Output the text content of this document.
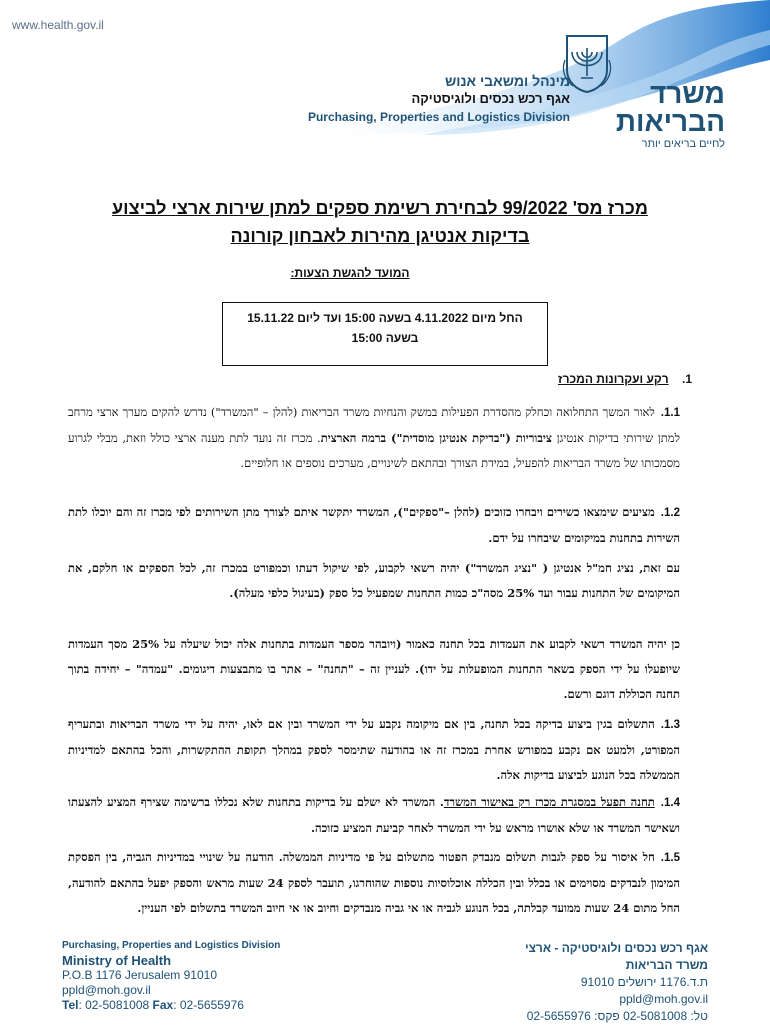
www.health.gov.il
משרד
הבריאות
לחיים בריאים יותר
מינהל ומשאבי אנוש
אגף רכש נכסים ולוגיסטיקה
Purchasing, Properties and Logistics Division
מכרז מס' 99/2022 לבחירת רשימת ספקים למתן שירות ארצי לביצוע
בדיקות אנטיגן מהירות לאבחון קורונה
המועד להגשת הצעות:
החל מיום 4.11.2022 בשעה 15:00 ועד ליום 15.11.22
בשעה 15:00
1. רקע ועקרונות המכרז
1.1.לאור המשך התחלואה וכחלק מהסדרת הפעילות במשק והנחיות משרד הבריאות (להלן – "המשרד") נדרש להקים מערך ארצי מרחב למתן שירותי בדיקות אנטיגן ציבוריות ("בדיקת אנטיגן מוסדית") ברמה הארצית. מכרז זה נועד לתת מענה ארצי כולל וזאת, מבלי לגרוע מסמכותו של משרד הבריאות להפעיל, במידת הצורך ובהתאם לשינויים, מערכים נוספים או חלופיים.
1.2.מציעים שימצאו כשירים ויבחרו כזוכים (להלן –"ספקים"), המשרד יתקשר איתם לצורך מתן השירותים לפי מכרז זה והם יוכלו לתת השירות בתחנות במיקומים שיבחרו על ידם.
עם זאת, נציג חמ"ל אנטיגן ( "נציג המשרד") יהיה רשאי לקבוע, לפי שיקול דעתו וכמפורט במכרז זה, לכל הספקים או חלקם, את המיקומים של התחנות עבור ועד 25% מסה"כ כמות התחנות שמפעיל כל ספק (בעיגול כלפי מעלה).
כן יהיה המשרד רשאי לקבוע את העמדות בכל תחנה כאמור (ויובהר מספר העמדות בתחנות אלה יכול שיעלה על 25% מסך העמדות שיופעלו על ידי הספק בשאר התחנות המופעלות על ידו). לעניין זה – "תחנה" – אתר בו מתבצעות דיגומים. "עמדה" – יחידה בתוך תחנה הכוללת דוגם ורשם.
1.3.התשלום בגין ביצוע בדיקה בכל תחנה, בין אם מיקומה נקבע על ידי המשרד ובין אם לאו, יהיה על ידי משרד הבריאות ובתעריף המפורט, ולמעט אם נקבע במפורש אחרת במכרז זה או בהודעה שתימסר לספק במהלך תקופת ההתקשרות, והכל בהתאם למדיניות הממשלה בכל הנוגע לביצוע בדיקות אלה.
1.4.תחנה תפעל במסגרת מכרז רק באישור המשרד. המשרד לא ישלם על בדיקות בתחנות שלא נכללו ברשימה שצירף המציע להצעתו ושאישר המשרד או שלא אושרו מראש על ידי המשרד לאחר קביעת המציע כזוכה.
1.5.חל איסור על ספק לגבות תשלום מנבדק הפטור מתשלום על פי מדיניות הממשלה. הודעה על שינויי במדיניות הגביה, בין הפסקת המימון לנבדקים מסוימים או בכלל ובין הכללה אוכלוסיות נוספות שהוחרגו, תועבר לספק 24 שעות מראש והספק יפעל בהתאם להודעה, החל מתום 24 שעות ממועד קבלתה, בכל הנוגע לגביה או אי גביה מנבדקים וחיוב או אי חיוב המשרד בתשלום לפי העניין.
Purchasing, Properties and Logistics Division
Ministry of Health
P.O.B 1176 Jerusalem 91010
ppld@moh.gov.il
Tel: 02-5081008 Fax: 02-5655976
אגף רכש נכסים ולוגיסטיקה - ארצי
משרד הבריאות
ת.ד.1176 ירושלים 91010
ppld@moh.gov.il
טל: 02-5081008 פקס: 02-5655976
